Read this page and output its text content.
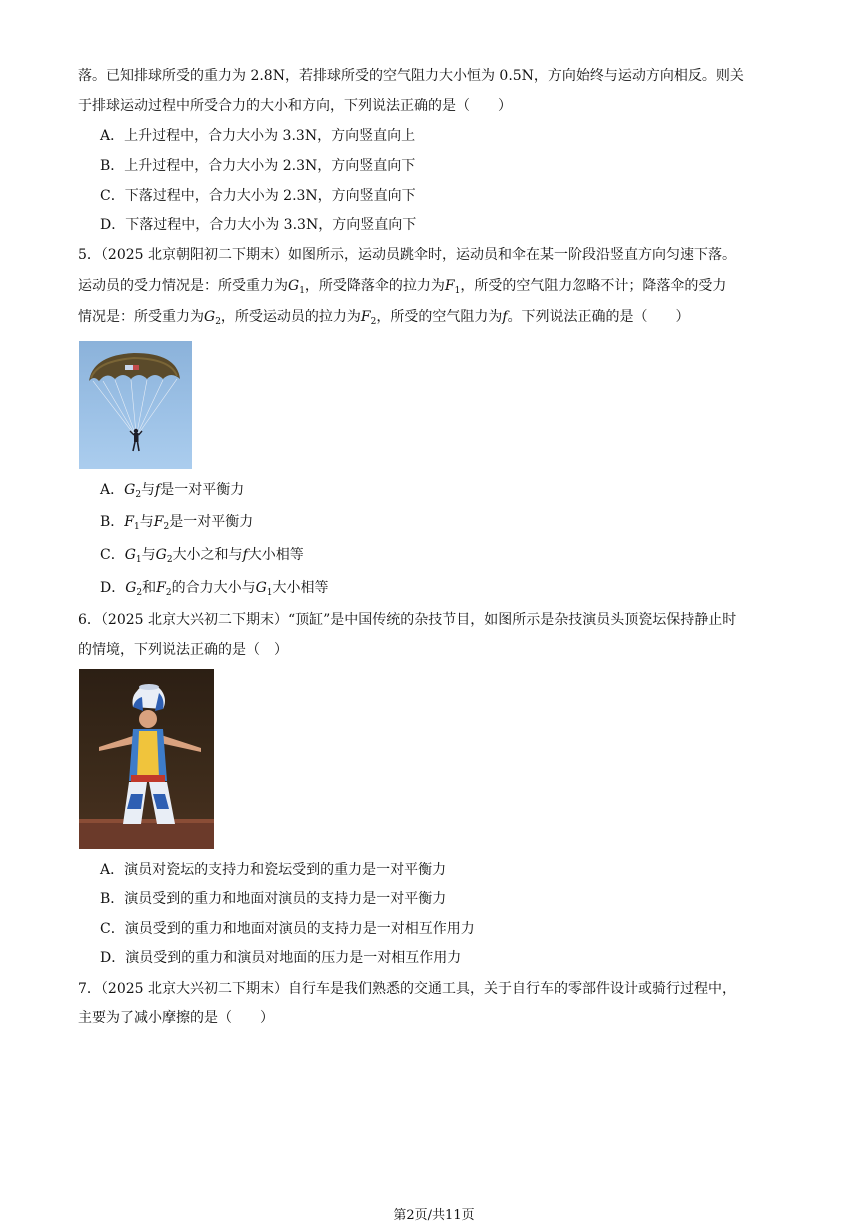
落。已知排球所受的重力为 2.8N，若排球所受的空气阻力大小恒为 0.5N，方向始终与运动方向相反。则关
于排球运动过程中所受合力的大小和方向，下列说法正确的是（　　）
A．上升过程中，合力大小为 3.3N，方向竖直向上
B．上升过程中，合力大小为 2.3N，方向竖直向下
C．下落过程中，合力大小为 2.3N，方向竖直向下
D．下落过程中，合力大小为 3.3N，方向竖直向下
5．（2025 北京朝阳初二下期末）如图所示，运动员跳伞时，运动员和伞在某一阶段沿竖直方向匀速下落。
运动员的受力情况是：所受重力为$G_1$，所受降落伞的拉力为$F_1$，所受的空气阻力忽略不计；降落伞的受力
情况是：所受重力为$G_2$，所受运动员的拉力为$F_2$，所受的空气阻力为f。下列说法正确的是（　　）
A．$G_2$与f是一对平衡力
B．$F_1$与$F_2$是一对平衡力
C．$G_1$与$G_2$大小之和与f大小相等
D．$G_2$和$F_2$的合力大小与$G_1$大小相等
6．（2025 北京大兴初二下期末）“顶缸”是中国传统的杂技节目，如图所示是杂技演员头顶瓷坛保持静止时
的情境，下列说法正确的是（　）
A．演员对瓷坛的支持力和瓷坛受到的重力是一对平衡力
B．演员受到的重力和地面对演员的支持力是一对平衡力
C．演员受到的重力和地面对演员的支持力是一对相互作用力
D．演员受到的重力和演员对地面的压力是一对相互作用力
7．（2025 北京大兴初二下期末）自行车是我们熟悉的交通工具，关于自行车的零部件设计或骑行过程中，
主要为了减小摩擦的是（　　）
第2页/共11页
